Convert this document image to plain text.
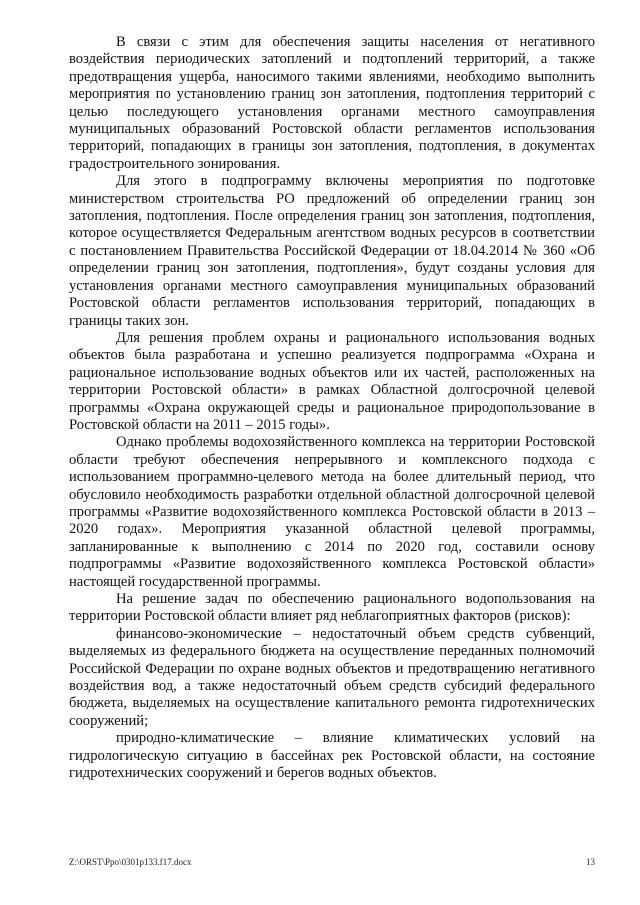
В связи с этим для обеспечения защиты населения от негативного воздействия периодических затоплений и подтоплений территорий, а также предотвращения ущерба, наносимого такими явлениями, необходимо выполнить мероприятия по установлению границ зон затопления, подтопления территорий с целью последующего установления органами местного самоуправления муниципальных образований Ростовской области регламентов использования территорий, попадающих в границы зон затопления, подтопления, в документах градостроительного зонирования.

Для этого в подпрограмму включены мероприятия по подготовке министерством строительства РО предложений об определении границ зон затопления, подтопления. После определения границ зон затопления, подтопления, которое осуществляется Федеральным агентством водных ресурсов в соответствии с постановлением Правительства Российской Федерации от 18.04.2014 № 360 «Об определении границ зон затопления, подтопления», будут созданы условия для установления органами местного самоуправления муниципальных образований Ростовской области регламентов использования территорий, попадающих в границы таких зон.

Для решения проблем охраны и рационального использования водных объектов была разработана и успешно реализуется подпрограмма «Охрана и рациональное использование водных объектов или их частей, расположенных на территории Ростовской области» в рамках Областной долгосрочной целевой программы «Охрана окружающей среды и рациональное природопользование в Ростовской области на 2011 – 2015 годы».

Однако проблемы водохозяйственного комплекса на территории Ростовской области требуют обеспечения непрерывного и комплексного подхода с использованием программно-целевого метода на более длительный период, что обусловило необходимость разработки отдельной областной долгосрочной целевой программы «Развитие водохозяйственного комплекса Ростовской области в 2013 – 2020 годах». Мероприятия указанной областной целевой программы, запланированные к выполнению с 2014 по 2020 год, составили основу подпрограммы «Развитие водохозяйственного комплекса Ростовской области» настоящей государственной программы.

На решение задач по обеспечению рационального водопользования на территории Ростовской области влияет ряд неблагоприятных факторов (рисков):

финансово-экономические – недостаточный объем средств субвенций, выделяемых из федерального бюджета на осуществление переданных полномочий Российской Федерации по охране водных объектов и предотвращению негативного воздействия вод, а также недостаточный объем средств субсидий федерального бюджета, выделяемых на осуществление капитального ремонта гидротехнических сооружений;

природно-климатические – влияние климатических условий на гидрологическую ситуацию в бассейнах рек Ростовской области, на состояние гидротехнических сооружений и берегов водных объектов.

Z:\ORST\Ppo\0301p133.f17.docx	13
